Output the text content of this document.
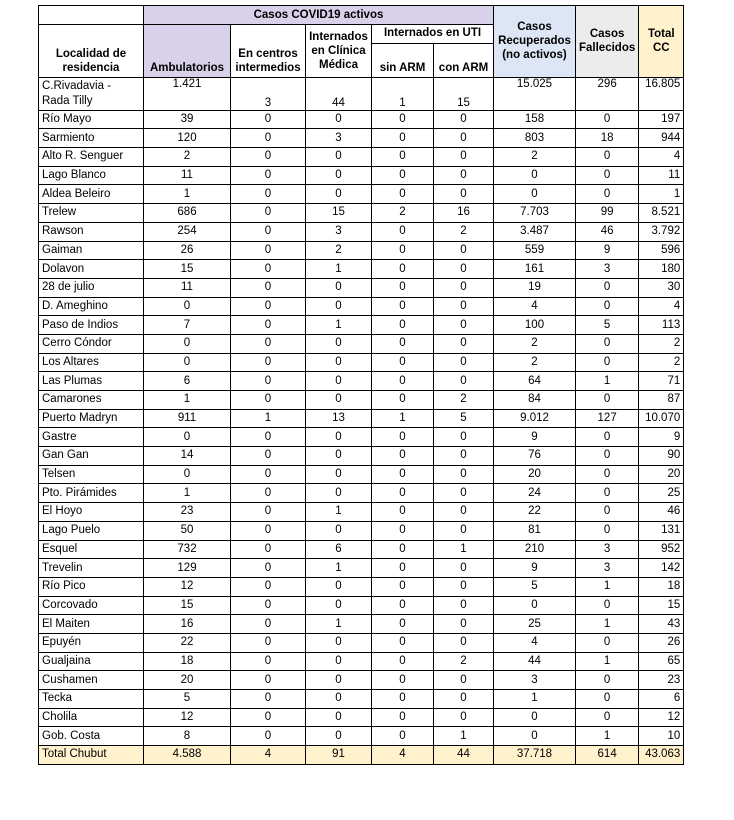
	Casos COVID19 activos					Casos Recuperados (no activos)	Casos Fallecidos	Total CC
Localidad de residencia	Ambulatorios	En centros intermedios	Internados en Clínica Médica	Internados en UTI				
				sin ARM	con ARM			
C.Rivadavia - Rada Tilly	1.421	3	44	1	15	15.025	296	16.805
Río Mayo	39	0	0	0	0	158	0	197
Sarmiento	120	0	3	0	0	803	18	944
Alto R. Senguer	2	0	0	0	0	2	0	4
Lago Blanco	11	0	0	0	0	0	0	11
Aldea Beleiro	1	0	0	0	0	0	0	1
Trelew	686	0	15	2	16	7.703	99	8.521
Rawson	254	0	3	0	2	3.487	46	3.792
Gaiman	26	0	2	0	0	559	9	596
Dolavon	15	0	1	0	0	161	3	180
28 de julio	11	0	0	0	0	19	0	30
D. Ameghino	0	0	0	0	0	4	0	4
Paso de Indios	7	0	1	0	0	100	5	113
Cerro Cóndor	0	0	0	0	0	2	0	2
Los Altares	0	0	0	0	0	2	0	2
Las Plumas	6	0	0	0	0	64	1	71
Camarones	1	0	0	0	2	84	0	87
Puerto Madryn	911	1	13	1	5	9.012	127	10.070
Gastre	0	0	0	0	0	9	0	9
Gan Gan	14	0	0	0	0	76	0	90
Telsen	0	0	0	0	0	20	0	20
Pto. Pirámides	1	0	0	0	0	24	0	25
El Hoyo	23	0	1	0	0	22	0	46
Lago Puelo	50	0	0	0	0	81	0	131
Esquel	732	0	6	0	1	210	3	952
Trevelin	129	0	1	0	0	9	3	142
Río Pico	12	0	0	0	0	5	1	18
Corcovado	15	0	0	0	0	0	0	15
El Maiten	16	0	1	0	0	25	1	43
Epuyén	22	0	0	0	0	4	0	26
Gualjaina	18	0	0	0	2	44	1	65
Cushamen	20	0	0	0	0	3	0	23
Tecka	5	0	0	0	0	1	0	6
Cholila	12	0	0	0	0	0	0	12
Gob. Costa	8	0	0	0	1	0	1	10
Total Chubut	4.588	4	91	4	44	37.718	614	43.063
